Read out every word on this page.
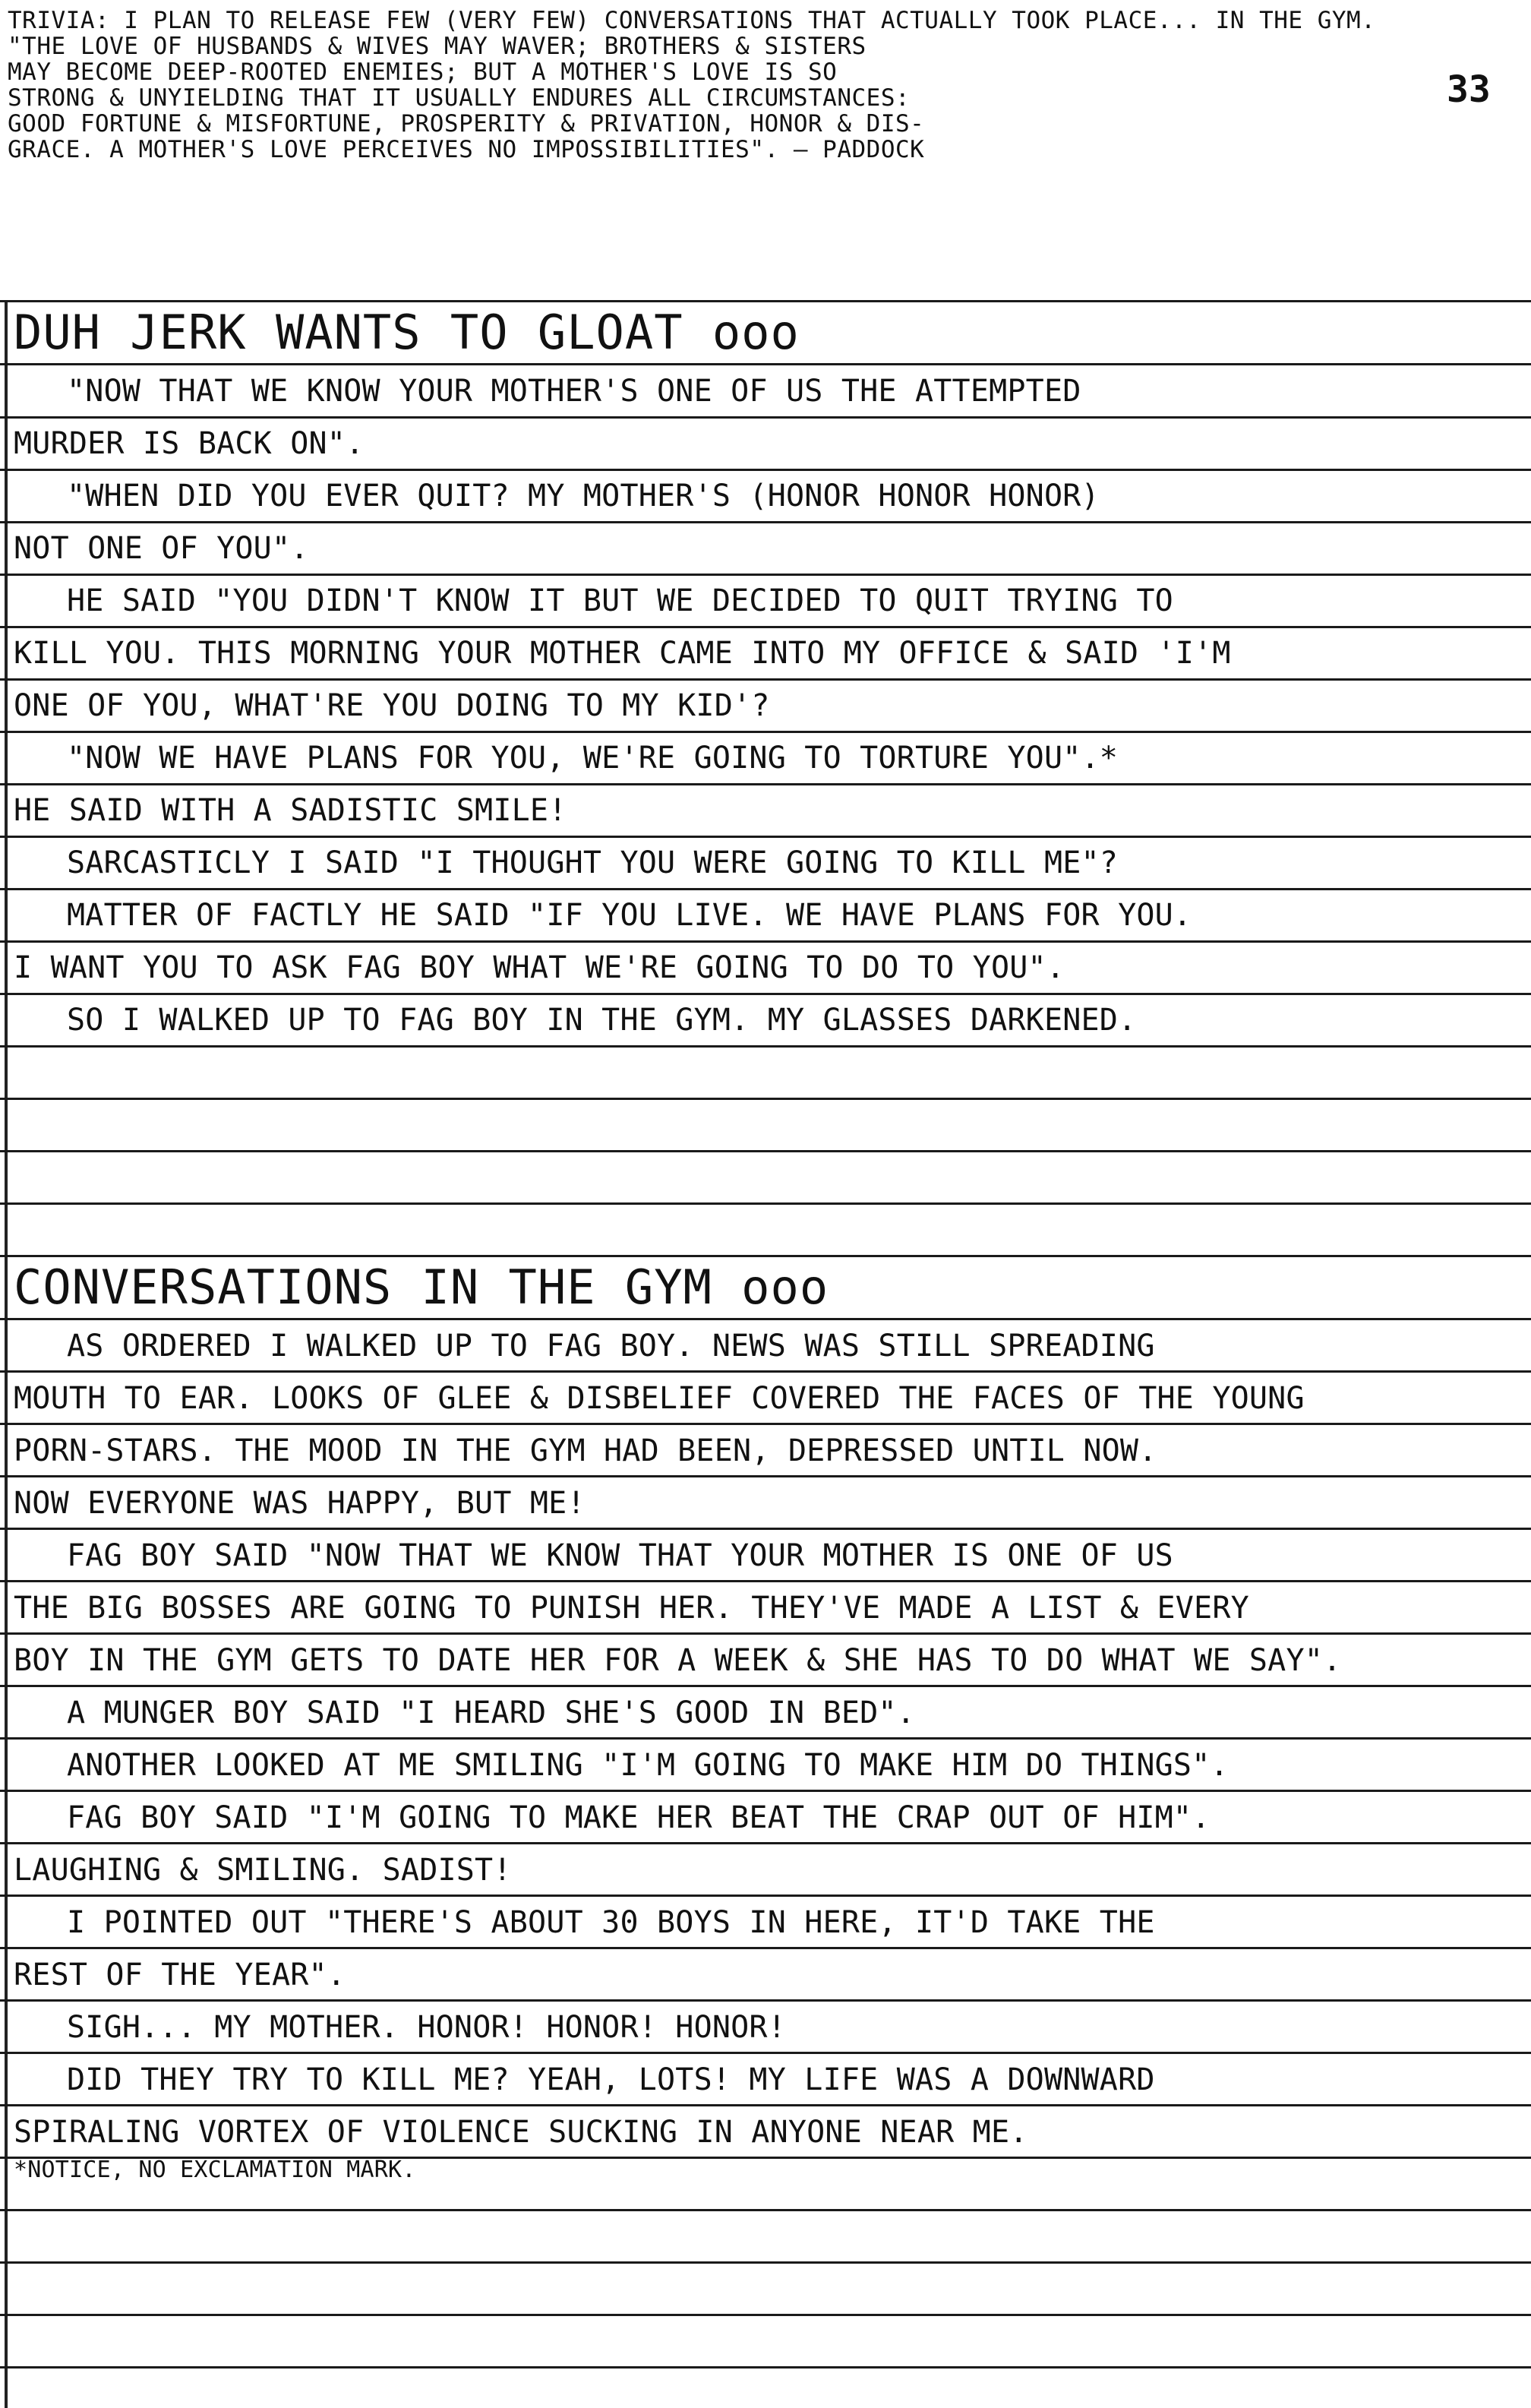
TRIVIA: I PLAN TO RELEASE FEW (VERY FEW) CONVERSATIONS THAT ACTUALLY TOOK PLACE... IN THE GYM.
"THE LOVE OF HUSBANDS & WIVES MAY WAVER; BROTHERS & SISTERS
MAY BECOME DEEP-ROOTED ENEMIES; BUT A MOTHER'S LOVE IS SO
STRONG & UNYIELDING THAT IT USUALLY ENDURES ALL CIRCUMSTANCES:
GOOD FORTUNE & MISFORTUNE, PROSPERITY & PRIVATION, HONOR & DIS-
GRACE. A MOTHER'S LOVE PERCEIVES NO IMPOSSIBILITIES". — PADDOCK
33
DUH JERK WANTS TO GLOAT ooo
"NOW THAT WE KNOW YOUR MOTHER'S ONE OF US THE ATTEMPTED
MURDER IS BACK ON".
"WHEN DID YOU EVER QUIT? MY MOTHER'S (HONOR HONOR HONOR)
NOT ONE OF YOU".
HE SAID "YOU DIDN'T KNOW IT BUT WE DECIDED TO QUIT TRYING TO
KILL YOU. THIS MORNING YOUR MOTHER CAME INTO MY OFFICE & SAID 'I'M
ONE OF YOU, WHAT'RE YOU DOING TO MY KID'?
"NOW WE HAVE PLANS FOR YOU, WE'RE GOING TO TORTURE YOU".*
HE SAID WITH A SADISTIC SMILE!
SARCASTICLY I SAID "I THOUGHT YOU WERE GOING TO KILL ME"?
MATTER OF FACTLY HE SAID "IF YOU LIVE. WE HAVE PLANS FOR YOU.
I WANT YOU TO ASK FAG BOY WHAT WE'RE GOING TO DO TO YOU".
SO I WALKED UP TO FAG BOY IN THE GYM. MY GLASSES DARKENED.
CONVERSATIONS IN THE GYM ooo
AS ORDERED I WALKED UP TO FAG BOY. NEWS WAS STILL SPREADING
MOUTH TO EAR. LOOKS OF GLEE & DISBELIEF COVERED THE FACES OF THE YOUNG
PORN-STARS. THE MOOD IN THE GYM HAD BEEN, DEPRESSED UNTIL NOW.
NOW EVERYONE WAS HAPPY, BUT ME!
FAG BOY SAID "NOW THAT WE KNOW THAT YOUR MOTHER IS ONE OF US
THE BIG BOSSES ARE GOING TO PUNISH HER. THEY'VE MADE A LIST & EVERY
BOY IN THE GYM GETS TO DATE HER FOR A WEEK & SHE HAS TO DO WHAT WE SAY".
A MUNGER BOY SAID "I HEARD SHE'S GOOD IN BED".
ANOTHER LOOKED AT ME SMILING "I'M GOING TO MAKE HIM DO THINGS".
FAG BOY SAID "I'M GOING TO MAKE HER BEAT THE CRAP OUT OF HIM".
LAUGHING & SMILING. SADIST!
I POINTED OUT "THERE'S ABOUT 30 BOYS IN HERE, IT'D TAKE THE
REST OF THE YEAR".
SIGH... MY MOTHER. HONOR! HONOR! HONOR!
DID THEY TRY TO KILL ME? YEAH, LOTS! MY LIFE WAS A DOWNWARD
SPIRALING VORTEX OF VIOLENCE SUCKING IN ANYONE NEAR ME.
*NOTICE, NO EXCLAMATION MARK.
